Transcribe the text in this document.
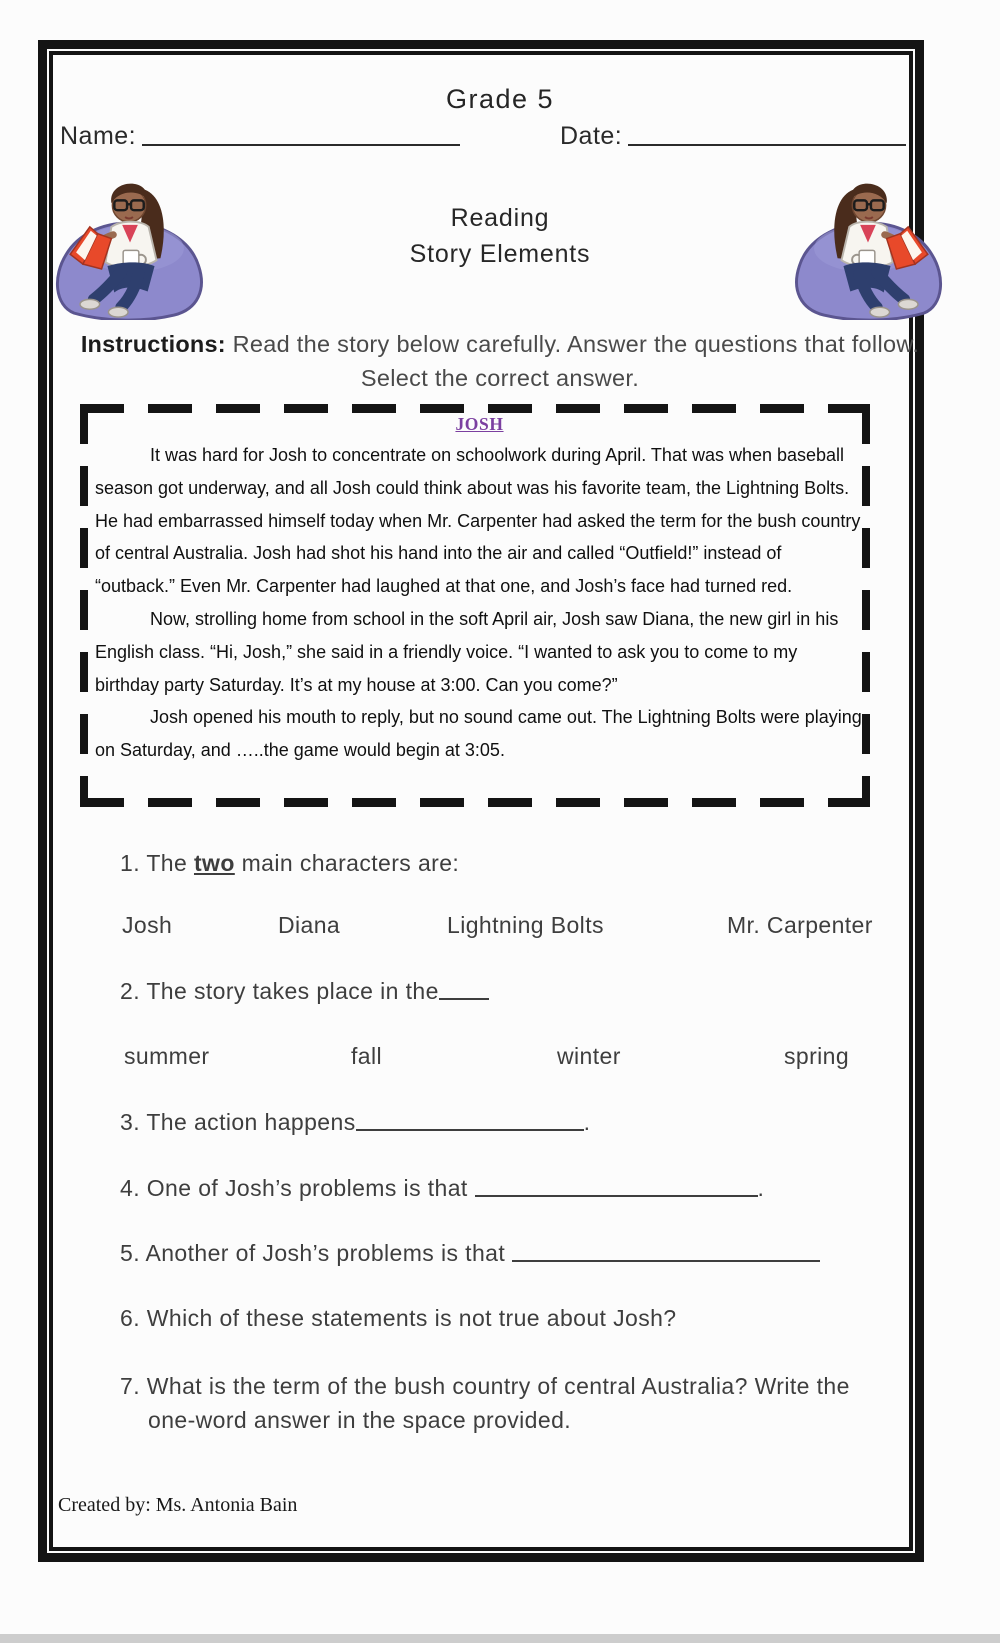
Grade 5
Name:	Date:
Reading
Story Elements
Instructions: Read the story below carefully. Answer the questions that follow.
Select the correct answer.
JOSH

It was hard for Josh to concentrate on schoolwork during April. That was when baseball season got underway, and all Josh could think about was his favorite team, the Lightning Bolts. He had embarrassed himself today when Mr. Carpenter had asked the term for the bush country of central Australia. Josh had shot his hand into the air and called “Outfield!” instead of “outback.” Even Mr. Carpenter had laughed at that one, and Josh’s face had turned red.

Now, strolling home from school in the soft April air, Josh saw Diana, the new girl in his English class. “Hi, Josh,” she said in a friendly voice. “I wanted to ask you to come to my birthday party Saturday. It’s at my house at 3:00. Can you come?”

Josh opened his mouth to reply, but no sound came out. The Lightning Bolts were playing on Saturday, and …..the game would begin at 3:05.

1. The two main characters are:
Josh	Diana	Lightning Bolts	Mr. Carpenter
2. The story takes place in the
summer	fall	winter	spring
3. The action happens	.
4. One of Josh’s problems is that	.
5. Another of Josh’s problems is that
6. Which of these statements is not true about Josh?
7. What is the term of the bush country of central Australia? Write the
one-word answer in the space provided.
Created by: Ms. Antonia Bain
